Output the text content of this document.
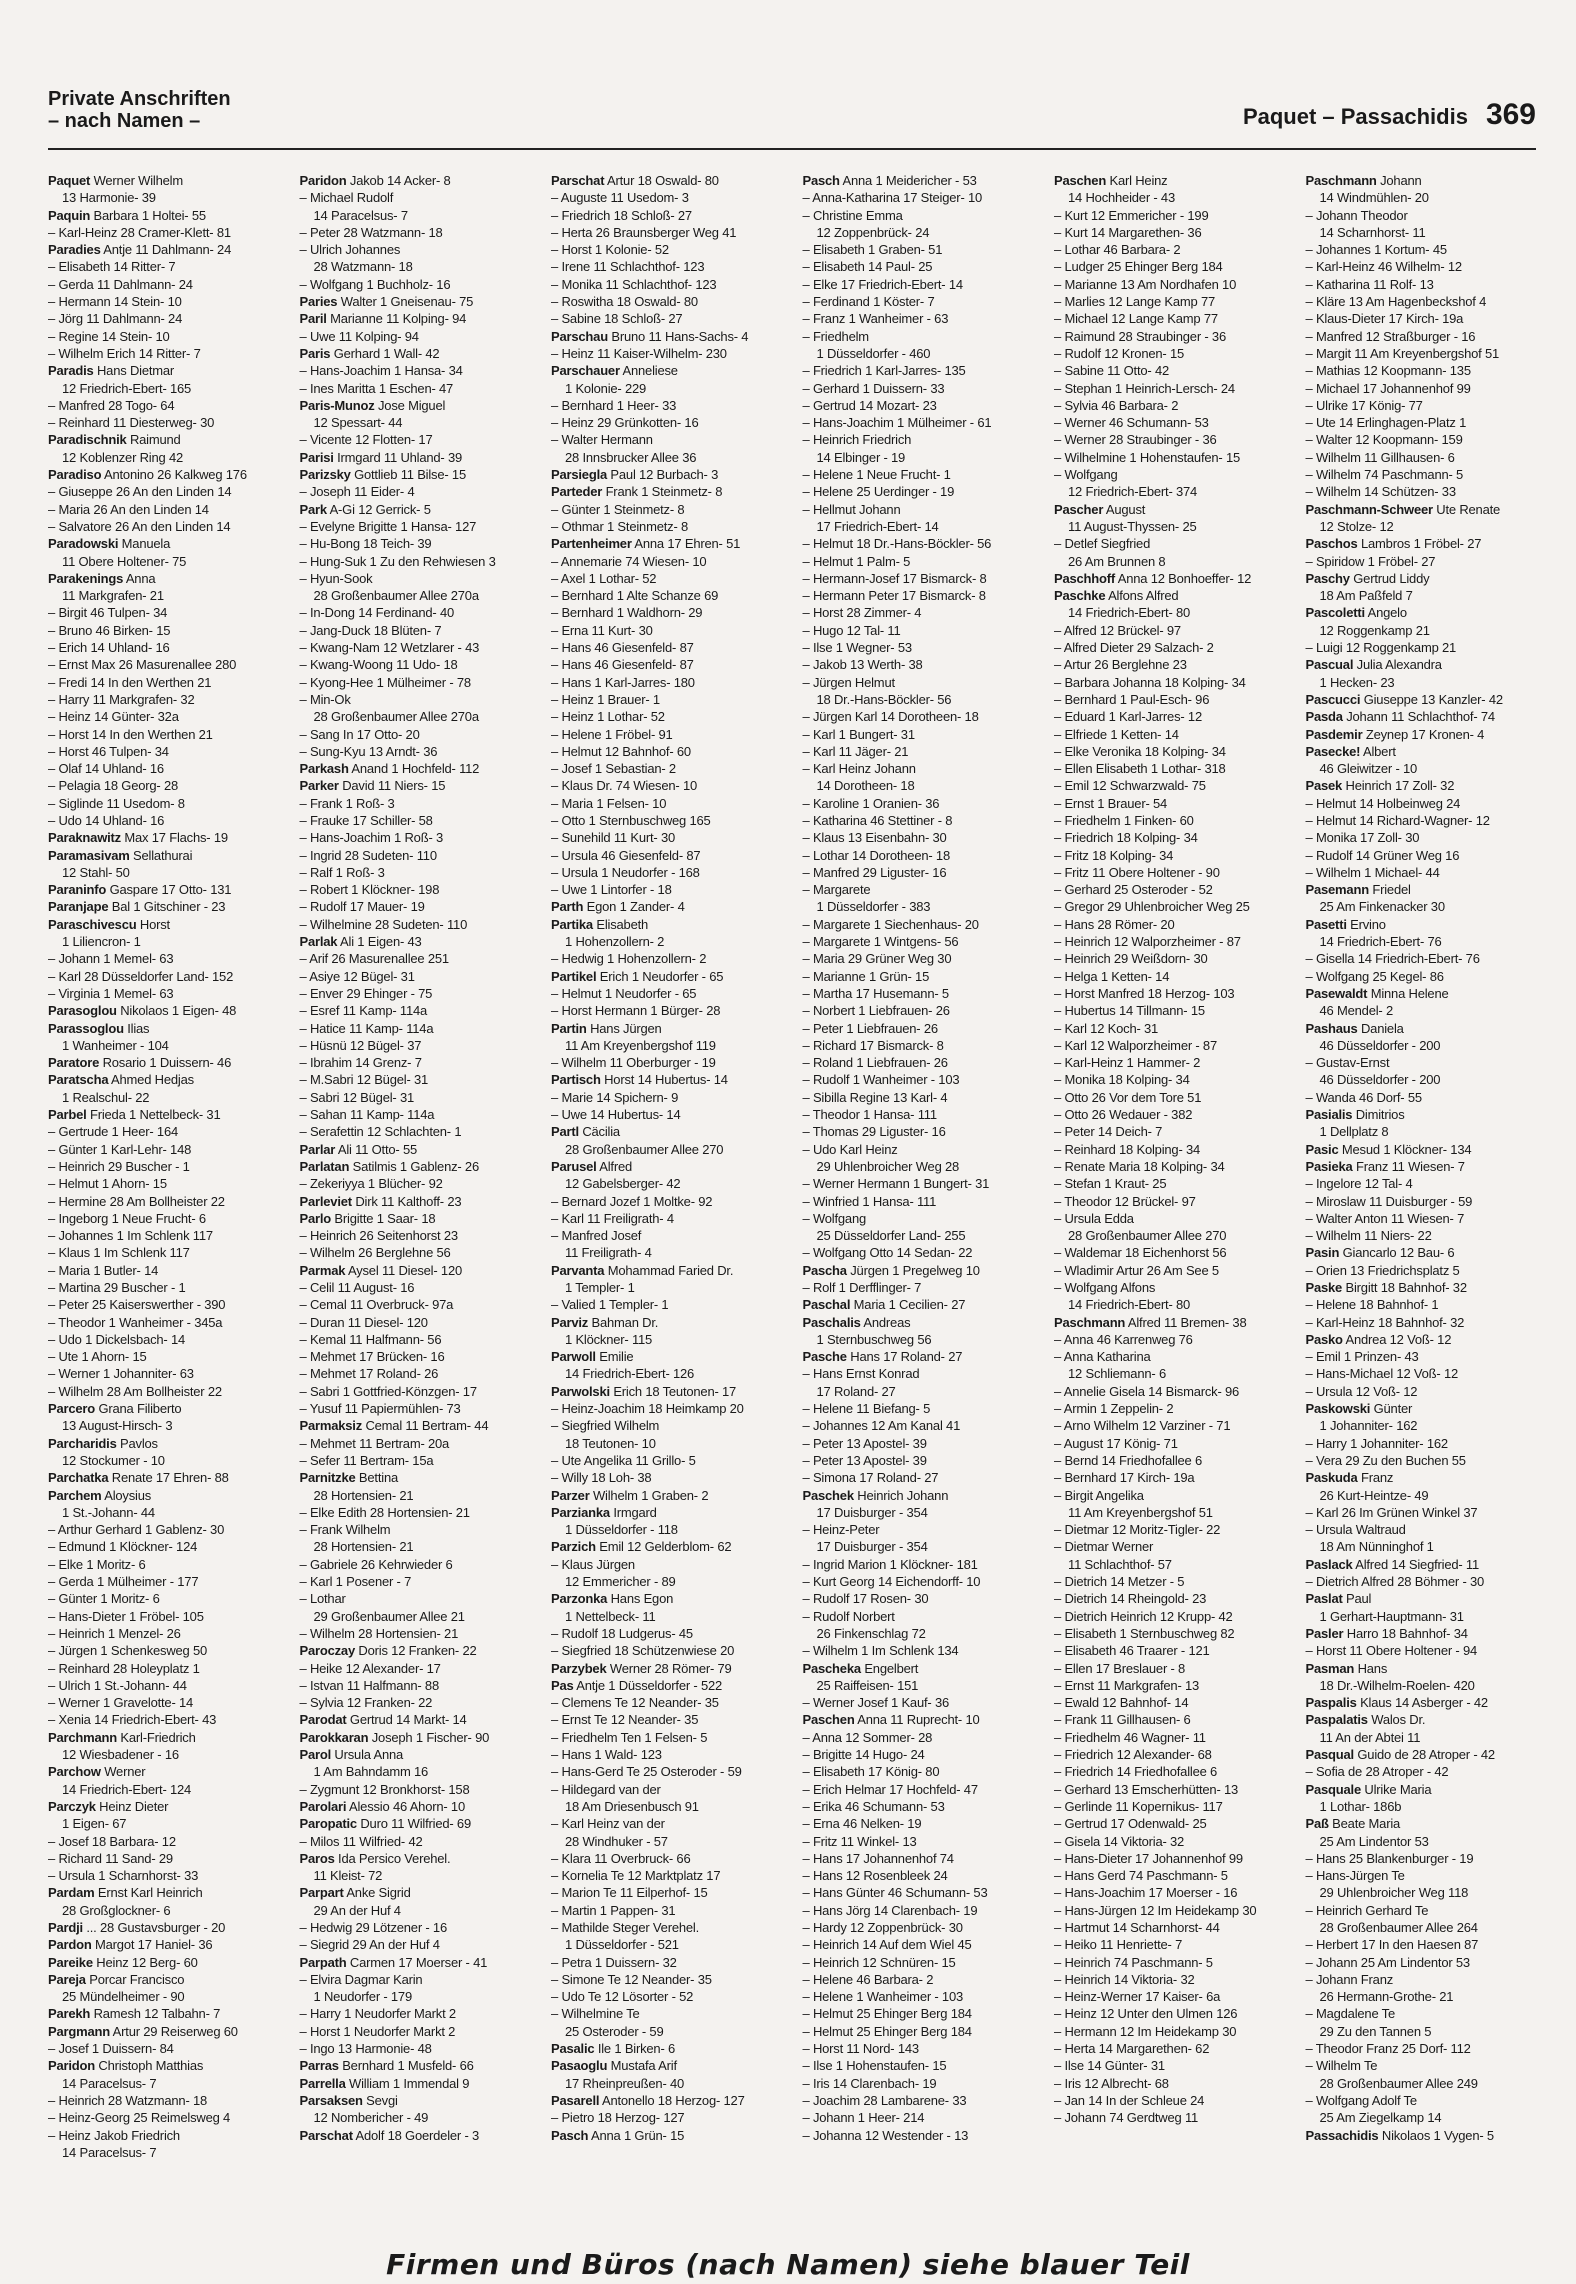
Private Anschriften
– nach Namen –	Paquet – Passachidis 369
Paquet Werner Wilhelm
13 Harmonie- 39
Paquin Barbara 1 Holtei- 55
– Karl-Heinz 28 Cramer-Klett- 81
Paradies Antje 11 Dahlmann- 24
– Elisabeth 14 Ritter- 7
– Gerda 11 Dahlmann- 24
– Hermann 14 Stein- 10
– Jörg 11 Dahlmann- 24
– Regine 14 Stein- 10
– Wilhelm Erich 14 Ritter- 7
Paradis Hans Dietmar
12 Friedrich-Ebert- 165
– Manfred 28 Togo- 64
– Reinhard 11 Diesterweg- 30
Paradischnik Raimund
12 Koblenzer Ring 42
Paradiso Antonino 26 Kalkweg 176
– Giuseppe 26 An den Linden 14
– Maria 26 An den Linden 14
– Salvatore 26 An den Linden 14
Paradowski Manuela
11 Obere Holtener- 75
Parakenings Anna
11 Markgrafen- 21
– Birgit 46 Tulpen- 34
– Bruno 46 Birken- 15
– Erich 14 Uhland- 16
– Ernst Max 26 Masurenallee 280
– Fredi 14 In den Werthen 21
– Harry 11 Markgrafen- 32
– Heinz 14 Günter- 32a
– Horst 14 In den Werthen 21
– Horst 46 Tulpen- 34
– Olaf 14 Uhland- 16
– Pelagia 18 Georg- 28
– Siglinde 11 Usedom- 8
– Udo 14 Uhland- 16
Paraknawitz Max 17 Flachs- 19
Paramasivam Sellathurai
12 Stahl- 50
Paraninfo Gaspare 17 Otto- 131
Paranjape Bal 1 Gitschiner - 23
Paraschivescu Horst
1 Liliencron- 1
– Johann 1 Memel- 63
– Karl 28 Düsseldorfer Land- 152
– Virginia 1 Memel- 63
Parasoglou Nikolaos 1 Eigen- 48
Parassoglou Ilias
1 Wanheimer - 104
Paratore Rosario 1 Duissern- 46
Paratscha Ahmed Hedjas
1 Realschul- 22
Parbel Frieda 1 Nettelbeck- 31
– Gertrude 1 Heer- 164
– Günter 1 Karl-Lehr- 148
– Heinrich 29 Buscher - 1
– Helmut 1 Ahorn- 15
– Hermine 28 Am Bollheister 22
– Ingeborg 1 Neue Frucht- 6
– Johannes 1 Im Schlenk 117
– Klaus 1 Im Schlenk 117
– Maria 1 Butler- 14
– Martina 29 Buscher - 1
– Peter 25 Kaiserswerther - 390
– Theodor 1 Wanheimer - 345a
– Udo 1 Dickelsbach- 14
– Ute 1 Ahorn- 15
– Werner 1 Johanniter- 63
– Wilhelm 28 Am Bollheister 22
Parcero Grana Filiberto
13 August-Hirsch- 3
Parcharidis Pavlos
12 Stockumer - 10
Parchatka Renate 17 Ehren- 88
Parchem Aloysius
1 St.-Johann- 44
– Arthur Gerhard 1 Gablenz- 30
– Edmund 1 Klöckner- 124
– Elke 1 Moritz- 6
– Gerda 1 Mülheimer - 177
– Günter 1 Moritz- 6
– Hans-Dieter 1 Fröbel- 105
– Heinrich 1 Menzel- 26
– Jürgen 1 Schenkesweg 50
– Reinhard 28 Holeyplatz 1
– Ulrich 1 St.-Johann- 44
– Werner 1 Gravelotte- 14
– Xenia 14 Friedrich-Ebert- 43
Parchmann Karl-Friedrich
12 Wiesbadener - 16
Parchow Werner
14 Friedrich-Ebert- 124
Parczyk Heinz Dieter
1 Eigen- 67
– Josef 18 Barbara- 12
– Richard 11 Sand- 29
– Ursula 1 Scharnhorst- 33
Pardam Ernst Karl Heinrich
28 Großglockner- 6
Pardji ... 28 Gustavsburger - 20
Pardon Margot 17 Haniel- 36
Pareike Heinz 12 Berg- 60
Pareja Porcar Francisco
25 Mündelheimer - 90
Parekh Ramesh 12 Talbahn- 7
Pargmann Artur 29 Reiserweg 60
– Josef 1 Duissern- 84
Paridon Christoph Matthias
14 Paracelsus- 7
– Heinrich 28 Watzmann- 18
– Heinz-Georg 25 Reimelsweg 4
– Heinz Jakob Friedrich
14 Paracelsus- 7
Paridon Jakob 14 Acker- 8
– Michael Rudolf
14 Paracelsus- 7
– Peter 28 Watzmann- 18
– Ulrich Johannes
28 Watzmann- 18
– Wolfgang 1 Buchholz- 16
Paries Walter 1 Gneisenau- 75
Paril Marianne 11 Kolping- 94
– Uwe 11 Kolping- 94
Paris Gerhard 1 Wall- 42
– Hans-Joachim 1 Hansa- 34
– Ines Maritta 1 Eschen- 47
Paris-Munoz Jose Miguel
12 Spessart- 44
– Vicente 12 Flotten- 17
Parisi Irmgard 11 Uhland- 39
Parizsky Gottlieb 11 Bilse- 15
– Joseph 11 Eider- 4
Park A-Gi 12 Gerrick- 5
– Evelyne Brigitte 1 Hansa- 127
– Hu-Bong 18 Teich- 39
– Hung-Suk 1 Zu den Rehwiesen 3
– Hyun-Sook
28 Großenbaumer Allee 270a
– In-Dong 14 Ferdinand- 40
– Jang-Duck 18 Blüten- 7
– Kwang-Nam 12 Wetzlarer - 43
– Kwang-Woong 11 Udo- 18
– Kyong-Hee 1 Mülheimer - 78
– Min-Ok
28 Großenbaumer Allee 270a
– Sang In 17 Otto- 20
– Sung-Kyu 13 Arndt- 36
Parkash Anand 1 Hochfeld- 112
Parker David 11 Niers- 15
– Frank 1 Roß- 3
– Frauke 17 Schiller- 58
– Hans-Joachim 1 Roß- 3
– Ingrid 28 Sudeten- 110
– Ralf 1 Roß- 3
– Robert 1 Klöckner- 198
– Rudolf 17 Mauer- 19
– Wilhelmine 28 Sudeten- 110
Parlak Ali 1 Eigen- 43
– Arif 26 Masurenallee 251
– Asiye 12 Bügel- 31
– Enver 29 Ehinger - 75
– Esref 11 Kamp- 114a
– Hatice 11 Kamp- 114a
– Hüsnü 12 Bügel- 37
– Ibrahim 14 Grenz- 7
– M.Sabri 12 Bügel- 31
– Sabri 12 Bügel- 31
– Sahan 11 Kamp- 114a
– Serafettin 12 Schlachten- 1
Parlar Ali 11 Otto- 55
Parlatan Satilmis 1 Gablenz- 26
– Zekeriyya 1 Blücher- 92
Parleviet Dirk 11 Kalthoff- 23
Parlo Brigitte 1 Saar- 18
– Heinrich 26 Seitenhorst 23
– Wilhelm 26 Berglehne 56
Parmak Aysel 11 Diesel- 120
– Celil 11 August- 16
– Cemal 11 Overbruck- 97a
– Duran 11 Diesel- 120
– Kemal 11 Halfmann- 56
– Mehmet 17 Brücken- 16
– Mehmet 17 Roland- 26
– Sabri 1 Gottfried-Könzgen- 17
– Yusuf 11 Papiermühlen- 73
Parmaksiz Cemal 11 Bertram- 44
– Mehmet 11 Bertram- 20a
– Sefer 11 Bertram- 15a
Parnitzke Bettina
28 Hortensien- 21
– Elke Edith 28 Hortensien- 21
– Frank Wilhelm
28 Hortensien- 21
– Gabriele 26 Kehrwieder 6
– Karl 1 Posener - 7
– Lothar
29 Großenbaumer Allee 21
– Wilhelm 28 Hortensien- 21
Paroczay Doris 12 Franken- 22
– Heike 12 Alexander- 17
– Istvan 11 Halfmann- 88
– Sylvia 12 Franken- 22
Parodat Gertrud 14 Markt- 14
Parokkaran Joseph 1 Fischer- 90
Parol Ursula Anna
1 Am Bahndamm 16
– Zygmunt 12 Bronkhorst- 158
Parolari Alessio 46 Ahorn- 10
Paropatic Duro 11 Wilfried- 69
– Milos 11 Wilfried- 42
Paros Ida Persico Verehel.
11 Kleist- 72
Parpart Anke Sigrid
29 An der Huf 4
– Hedwig 29 Lötzener - 16
– Siegrid 29 An der Huf 4
Parpath Carmen 17 Moerser - 41
– Elvira Dagmar Karin
1 Neudorfer - 179
– Harry 1 Neudorfer Markt 2
– Horst 1 Neudorfer Markt 2
– Ingo 13 Harmonie- 48
Parras Bernhard 1 Musfeld- 66
Parrella William 1 Immendal 9
Parsaksen Sevgi
12 Nombericher - 49
Parschat Adolf 18 Goerdeler - 3
Parschat Artur 18 Oswald- 80
– Auguste 11 Usedom- 3
– Friedrich 18 Schloß- 27
– Herta 26 Braunsberger Weg 41
– Horst 1 Kolonie- 52
– Irene 11 Schlachthof- 123
– Monika 11 Schlachthof- 123
– Roswitha 18 Oswald- 80
– Sabine 18 Schloß- 27
Parschau Bruno 11 Hans-Sachs- 4
– Heinz 11 Kaiser-Wilhelm- 230
Parschauer Anneliese
1 Kolonie- 229
– Bernhard 1 Heer- 33
– Heinz 29 Grünkotten- 16
– Walter Hermann
28 Innsbrucker Allee 36
Parsiegla Paul 12 Burbach- 3
Parteder Frank 1 Steinmetz- 8
– Günter 1 Steinmetz- 8
– Othmar 1 Steinmetz- 8
Partenheimer Anna 17 Ehren- 51
– Annemarie 74 Wiesen- 10
– Axel 1 Lothar- 52
– Bernhard 1 Alte Schanze 69
– Bernhard 1 Waldhorn- 29
– Erna 11 Kurt- 30
– Hans 46 Giesenfeld- 87
– Hans 46 Giesenfeld- 87
– Hans 1 Karl-Jarres- 180
– Heinz 1 Brauer- 1
– Heinz 1 Lothar- 52
– Helene 1 Fröbel- 91
– Helmut 12 Bahnhof- 60
– Josef 1 Sebastian- 2
– Klaus Dr. 74 Wiesen- 10
– Maria 1 Felsen- 10
– Otto 1 Sternbuschweg 165
– Sunehild 11 Kurt- 30
– Ursula 46 Giesenfeld- 87
– Ursula 1 Neudorfer - 168
– Uwe 1 Lintorfer - 18
Parth Egon 1 Zander- 4
Partika Elisabeth
1 Hohenzollern- 2
– Hedwig 1 Hohenzollern- 2
Partikel Erich 1 Neudorfer - 65
– Helmut 1 Neudorfer - 65
– Horst Hermann 1 Bürger- 28
Partin Hans Jürgen
11 Am Kreyenbergshof 119
– Wilhelm 11 Oberburger - 19
Partisch Horst 14 Hubertus- 14
– Marie 14 Spichern- 9
– Uwe 14 Hubertus- 14
Partl Cäcilia
28 Großenbaumer Allee 270
Parusel Alfred
12 Gabelsberger- 42
– Bernard Jozef 1 Moltke- 92
– Karl 11 Freiligrath- 4
– Manfred Josef
11 Freiligrath- 4
Parvanta Mohammad Faried Dr.
1 Templer- 1
– Valied 1 Templer- 1
Parviz Bahman Dr.
1 Klöckner- 115
Parwoll Emilie
14 Friedrich-Ebert- 126
Parwolski Erich 18 Teutonen- 17
– Heinz-Joachim 18 Heimkamp 20
– Siegfried Wilhelm
18 Teutonen- 10
– Ute Angelika 11 Grillo- 5
– Willy 18 Loh- 38
Parzer Wilhelm 1 Graben- 2
Parzianka Irmgard
1 Düsseldorfer - 118
Parzich Emil 12 Gelderblom- 62
– Klaus Jürgen
12 Emmericher - 89
Parzonka Hans Egon
1 Nettelbeck- 11
– Rudolf 18 Ludgerus- 45
– Siegfried 18 Schützenwiese 20
Parzybek Werner 28 Römer- 79
Pas Antje 1 Düsseldorfer - 522
– Clemens Te 12 Neander- 35
– Ernst Te 12 Neander- 35
– Friedhelm Ten 1 Felsen- 5
– Hans 1 Wald- 123
– Hans-Gerd Te 25 Osteroder - 59
– Hildegard van der
18 Am Driesenbusch 91
– Karl Heinz van der
28 Windhuker - 57
– Klara 11 Overbruck- 66
– Kornelia Te 12 Marktplatz 17
– Marion Te 11 Eilperhof- 15
– Martin 1 Pappen- 31
– Mathilde Steger Verehel.
1 Düsseldorfer - 521
– Petra 1 Duissern- 32
– Simone Te 12 Neander- 35
– Udo Te 12 Lösorter - 52
– Wilhelmine Te
25 Osteroder - 59
Pasalic Ile 1 Birken- 6
Pasaoglu Mustafa Arif
17 Rheinpreußen- 40
Pasarell Antonello 18 Herzog- 127
– Pietro 18 Herzog- 127
Pasch Anna 1 Grün- 15
Pasch Anna 1 Meidericher - 53
– Anna-Katharina 17 Steiger- 10
– Christine Emma
12 Zoppenbrück- 24
– Elisabeth 1 Graben- 51
– Elisabeth 14 Paul- 25
– Elke 17 Friedrich-Ebert- 14
– Ferdinand 1 Köster- 7
– Franz 1 Wanheimer - 63
– Friedhelm
1 Düsseldorfer - 460
– Friedrich 1 Karl-Jarres- 135
– Gerhard 1 Duissern- 33
– Gertrud 14 Mozart- 23
– Hans-Joachim 1 Mülheimer - 61
– Heinrich Friedrich
14 Elbinger - 19
– Helene 1 Neue Frucht- 1
– Helene 25 Uerdinger - 19
– Hellmut Johann
17 Friedrich-Ebert- 14
– Helmut 18 Dr.-Hans-Böckler- 56
– Helmut 1 Palm- 5
– Hermann-Josef 17 Bismarck- 8
– Hermann Peter 17 Bismarck- 8
– Horst 28 Zimmer- 4
– Hugo 12 Tal- 11
– Ilse 1 Wegner- 53
– Jakob 13 Werth- 38
– Jürgen Helmut
18 Dr.-Hans-Böckler- 56
– Jürgen Karl 14 Dorotheen- 18
– Karl 1 Bungert- 31
– Karl 11 Jäger- 21
– Karl Heinz Johann
14 Dorotheen- 18
– Karoline 1 Oranien- 36
– Katharina 46 Stettiner - 8
– Klaus 13 Eisenbahn- 30
– Lothar 14 Dorotheen- 18
– Manfred 29 Liguster- 16
– Margarete
1 Düsseldorfer - 383
– Margarete 1 Siechenhaus- 20
– Margarete 1 Wintgens- 56
– Maria 29 Grüner Weg 30
– Marianne 1 Grün- 15
– Martha 17 Husemann- 5
– Norbert 1 Liebfrauen- 26
– Peter 1 Liebfrauen- 26
– Richard 17 Bismarck- 8
– Roland 1 Liebfrauen- 26
– Rudolf 1 Wanheimer - 103
– Sibilla Regine 13 Karl- 4
– Theodor 1 Hansa- 111
– Thomas 29 Liguster- 16
– Udo Karl Heinz
29 Uhlenbroicher Weg 28
– Werner Hermann 1 Bungert- 31
– Winfried 1 Hansa- 111
– Wolfgang
25 Düsseldorfer Land- 255
– Wolfgang Otto 14 Sedan- 22
Pascha Jürgen 1 Pregelweg 10
– Rolf 1 Derfflinger- 7
Paschal Maria 1 Cecilien- 27
Paschalis Andreas
1 Sternbuschweg 56
Pasche Hans 17 Roland- 27
– Hans Ernst Konrad
17 Roland- 27
– Helene 11 Biefang- 5
– Johannes 12 Am Kanal 41
– Peter 13 Apostel- 39
– Peter 13 Apostel- 39
– Simona 17 Roland- 27
Paschek Heinrich Johann
17 Duisburger - 354
– Heinz-Peter
17 Duisburger - 354
– Ingrid Marion 1 Klöckner- 181
– Kurt Georg 14 Eichendorff- 10
– Rudolf 17 Rosen- 30
– Rudolf Norbert
26 Finkenschlag 72
– Wilhelm 1 Im Schlenk 134
Pascheka Engelbert
25 Raiffeisen- 151
– Werner Josef 1 Kauf- 36
Paschen Anna 11 Ruprecht- 10
– Anna 12 Sommer- 28
– Brigitte 14 Hugo- 24
– Elisabeth 17 König- 80
– Erich Helmar 17 Hochfeld- 47
– Erika 46 Schumann- 53
– Erna 46 Nelken- 19
– Fritz 11 Winkel- 13
– Hans 17 Johannenhof 74
– Hans 12 Rosenbleek 24
– Hans Günter 46 Schumann- 53
– Hans Jörg 14 Clarenbach- 19
– Hardy 12 Zoppenbrück- 30
– Heinrich 14 Auf dem Wiel 45
– Heinrich 12 Schnüren- 15
– Helene 46 Barbara- 2
– Helene 1 Wanheimer - 103
– Helmut 25 Ehinger Berg 184
– Helmut 25 Ehinger Berg 184
– Horst 11 Nord- 143
– Ilse 1 Hohenstaufen- 15
– Iris 14 Clarenbach- 19
– Joachim 28 Lambarene- 33
– Johann 1 Heer- 214
– Johanna 12 Westender - 13
Paschen Karl Heinz
14 Hochheider - 43
– Kurt 12 Emmericher - 199
– Kurt 14 Margarethen- 36
– Lothar 46 Barbara- 2
– Ludger 25 Ehinger Berg 184
– Marianne 13 Am Nordhafen 10
– Marlies 12 Lange Kamp 77
– Michael 12 Lange Kamp 77
– Raimund 28 Straubinger - 36
– Rudolf 12 Kronen- 15
– Sabine 11 Otto- 42
– Stephan 1 Heinrich-Lersch- 24
– Sylvia 46 Barbara- 2
– Werner 46 Schumann- 53
– Werner 28 Straubinger - 36
– Wilhelmine 1 Hohenstaufen- 15
– Wolfgang
12 Friedrich-Ebert- 374
Pascher August
11 August-Thyssen- 25
– Detlef Siegfried
26 Am Brunnen 8
Paschhoff Anna 12 Bonhoeffer- 12
Paschke Alfons Alfred
14 Friedrich-Ebert- 80
– Alfred 12 Brückel- 97
– Alfred Dieter 29 Salzach- 2
– Artur 26 Berglehne 23
– Barbara Johanna 18 Kolping- 34
– Bernhard 1 Paul-Esch- 96
– Eduard 1 Karl-Jarres- 12
– Elfriede 1 Ketten- 14
– Elke Veronika 18 Kolping- 34
– Ellen Elisabeth 1 Lothar- 318
– Emil 12 Schwarzwald- 75
– Ernst 1 Brauer- 54
– Friedhelm 1 Finken- 60
– Friedrich 18 Kolping- 34
– Fritz 18 Kolping- 34
– Fritz 11 Obere Holtener - 90
– Gerhard 25 Osteroder - 52
– Gregor 29 Uhlenbroicher Weg 25
– Hans 28 Römer- 20
– Heinrich 12 Walporzheimer - 87
– Heinrich 29 Weißdorn- 30
– Helga 1 Ketten- 14
– Horst Manfred 18 Herzog- 103
– Hubertus 14 Tillmann- 15
– Karl 12 Koch- 31
– Karl 12 Walporzheimer - 87
– Karl-Heinz 1 Hammer- 2
– Monika 18 Kolping- 34
– Otto 26 Vor dem Tore 51
– Otto 26 Wedauer - 382
– Peter 14 Deich- 7
– Reinhard 18 Kolping- 34
– Renate Maria 18 Kolping- 34
– Stefan 1 Kraut- 25
– Theodor 12 Brückel- 97
– Ursula Edda
28 Großenbaumer Allee 270
– Waldemar 18 Eichenhorst 56
– Wladimir Artur 26 Am See 5
– Wolfgang Alfons
14 Friedrich-Ebert- 80
Paschmann Alfred 11 Bremen- 38
– Anna 46 Karrenweg 76
– Anna Katharina
12 Schliemann- 6
– Annelie Gisela 14 Bismarck- 96
– Armin 1 Zeppelin- 2
– Arno Wilhelm 12 Varziner - 71
– August 17 König- 71
– Bernd 14 Friedhofallee 6
– Bernhard 17 Kirch- 19a
– Birgit Angelika
11 Am Kreyenbergshof 51
– Dietmar 12 Moritz-Tigler- 22
– Dietmar Werner
11 Schlachthof- 57
– Dietrich 14 Metzer - 5
– Dietrich 14 Rheingold- 23
– Dietrich Heinrich 12 Krupp- 42
– Elisabeth 1 Sternbuschweg 82
– Elisabeth 46 Traarer - 121
– Ellen 17 Breslauer - 8
– Ernst 11 Markgrafen- 13
– Ewald 12 Bahnhof- 14
– Frank 11 Gillhausen- 6
– Friedhelm 46 Wagner- 11
– Friedrich 12 Alexander- 68
– Friedrich 14 Friedhofallee 6
– Gerhard 13 Emscherhütten- 13
– Gerlinde 11 Kopernikus- 117
– Gertrud 17 Odenwald- 25
– Gisela 14 Viktoria- 32
– Hans-Dieter 17 Johannenhof 99
– Hans Gerd 74 Paschmann- 5
– Hans-Joachim 17 Moerser - 16
– Hans-Jürgen 12 Im Heidekamp 30
– Hartmut 14 Scharnhorst- 44
– Heiko 11 Henriette- 7
– Heinrich 74 Paschmann- 5
– Heinrich 14 Viktoria- 32
– Heinz-Werner 17 Kaiser- 6a
– Heinz 12 Unter den Ulmen 126
– Hermann 12 Im Heidekamp 30
– Herta 14 Margarethen- 62
– Ilse 14 Günter- 31
– Iris 12 Albrecht- 68
– Jan 14 In der Schleue 24
– Johann 74 Gerdtweg 11
Paschmann Johann
14 Windmühlen- 20
– Johann Theodor
14 Scharnhorst- 11
– Johannes 1 Kortum- 45
– Karl-Heinz 46 Wilhelm- 12
– Katharina 11 Rolf- 13
– Kläre 13 Am Hagenbeckshof 4
– Klaus-Dieter 17 Kirch- 19a
– Manfred 12 Straßburger - 16
– Margit 11 Am Kreyenbergshof 51
– Mathias 12 Koopmann- 135
– Michael 17 Johannenhof 99
– Ulrike 17 König- 77
– Ute 14 Erlinghagen-Platz 1
– Walter 12 Koopmann- 159
– Wilhelm 11 Gillhausen- 6
– Wilhelm 74 Paschmann- 5
– Wilhelm 14 Schützen- 33
Paschmann-Schweer Ute Renate
12 Stolze- 12
Paschos Lambros 1 Fröbel- 27
– Spiridow 1 Fröbel- 27
Paschy Gertrud Liddy
18 Am Paßfeld 7
Pascoletti Angelo
12 Roggenkamp 21
– Luigi 12 Roggenkamp 21
Pascual Julia Alexandra
1 Hecken- 23
Pascucci Giuseppe 13 Kanzler- 42
Pasda Johann 11 Schlachthof- 74
Pasdemir Zeynep 17 Kronen- 4
Pasecke! Albert
46 Gleiwitzer - 10
Pasek Heinrich 17 Zoll- 32
– Helmut 14 Holbeinweg 24
– Helmut 14 Richard-Wagner- 12
– Monika 17 Zoll- 30
– Rudolf 14 Grüner Weg 16
– Wilhelm 1 Michael- 44
Pasemann Friedel
25 Am Finkenacker 30
Pasetti Ervino
14 Friedrich-Ebert- 76
– Gisella 14 Friedrich-Ebert- 76
– Wolfgang 25 Kegel- 86
Pasewaldt Minna Helene
46 Mendel- 2
Pashaus Daniela
46 Düsseldorfer - 200
– Gustav-Ernst
46 Düsseldorfer - 200
– Wanda 46 Dorf- 55
Pasialis Dimitrios
1 Dellplatz 8
Pasic Mesud 1 Klöckner- 134
Pasieka Franz 11 Wiesen- 7
– Ingelore 12 Tal- 4
– Miroslaw 11 Duisburger - 59
– Walter Anton 11 Wiesen- 7
– Wilhelm 11 Niers- 22
Pasin Giancarlo 12 Bau- 6
– Orien 13 Friedrichsplatz 5
Paske Birgitt 18 Bahnhof- 32
– Helene 18 Bahnhof- 1
– Karl-Heinz 18 Bahnhof- 32
Pasko Andrea 12 Voß- 12
– Emil 1 Prinzen- 43
– Hans-Michael 12 Voß- 12
– Ursula 12 Voß- 12
Paskowski Günter
1 Johanniter- 162
– Harry 1 Johanniter- 162
– Vera 29 Zu den Buchen 55
Paskuda Franz
26 Kurt-Heintze- 49
– Karl 26 Im Grünen Winkel 37
– Ursula Waltraud
18 Am Nünninghof 1
Paslack Alfred 14 Siegfried- 11
– Dietrich Alfred 28 Böhmer - 30
Paslat Paul
1 Gerhart-Hauptmann- 31
Pasler Harro 18 Bahnhof- 34
– Horst 11 Obere Holtener - 94
Pasman Hans
18 Dr.-Wilhelm-Roelen- 420
Paspalis Klaus 14 Asberger - 42
Paspalatis Walos Dr.
11 An der Abtei 11
Pasqual Guido de 28 Atroper - 42
– Sofia de 28 Atroper - 42
Pasquale Ulrike Maria
1 Lothar- 186b
Paß Beate Maria
25 Am Lindentor 53
– Hans 25 Blankenburger - 19
– Hans-Jürgen Te
29 Uhlenbroicher Weg 118
– Heinrich Gerhard Te
28 Großenbaumer Allee 264
– Herbert 17 In den Haesen 87
– Johann 25 Am Lindentor 53
– Johann Franz
26 Hermann-Grothe- 21
– Magdalene Te
29 Zu den Tannen 5
– Theodor Franz 25 Dorf- 112
– Wilhelm Te
28 Großenbaumer Allee 249
– Wolfgang Adolf Te
25 Am Ziegelkamp 14
Passachidis Nikolaos 1 Vygen- 5
Firmen und Büros (nach Namen) siehe blauer Teil
